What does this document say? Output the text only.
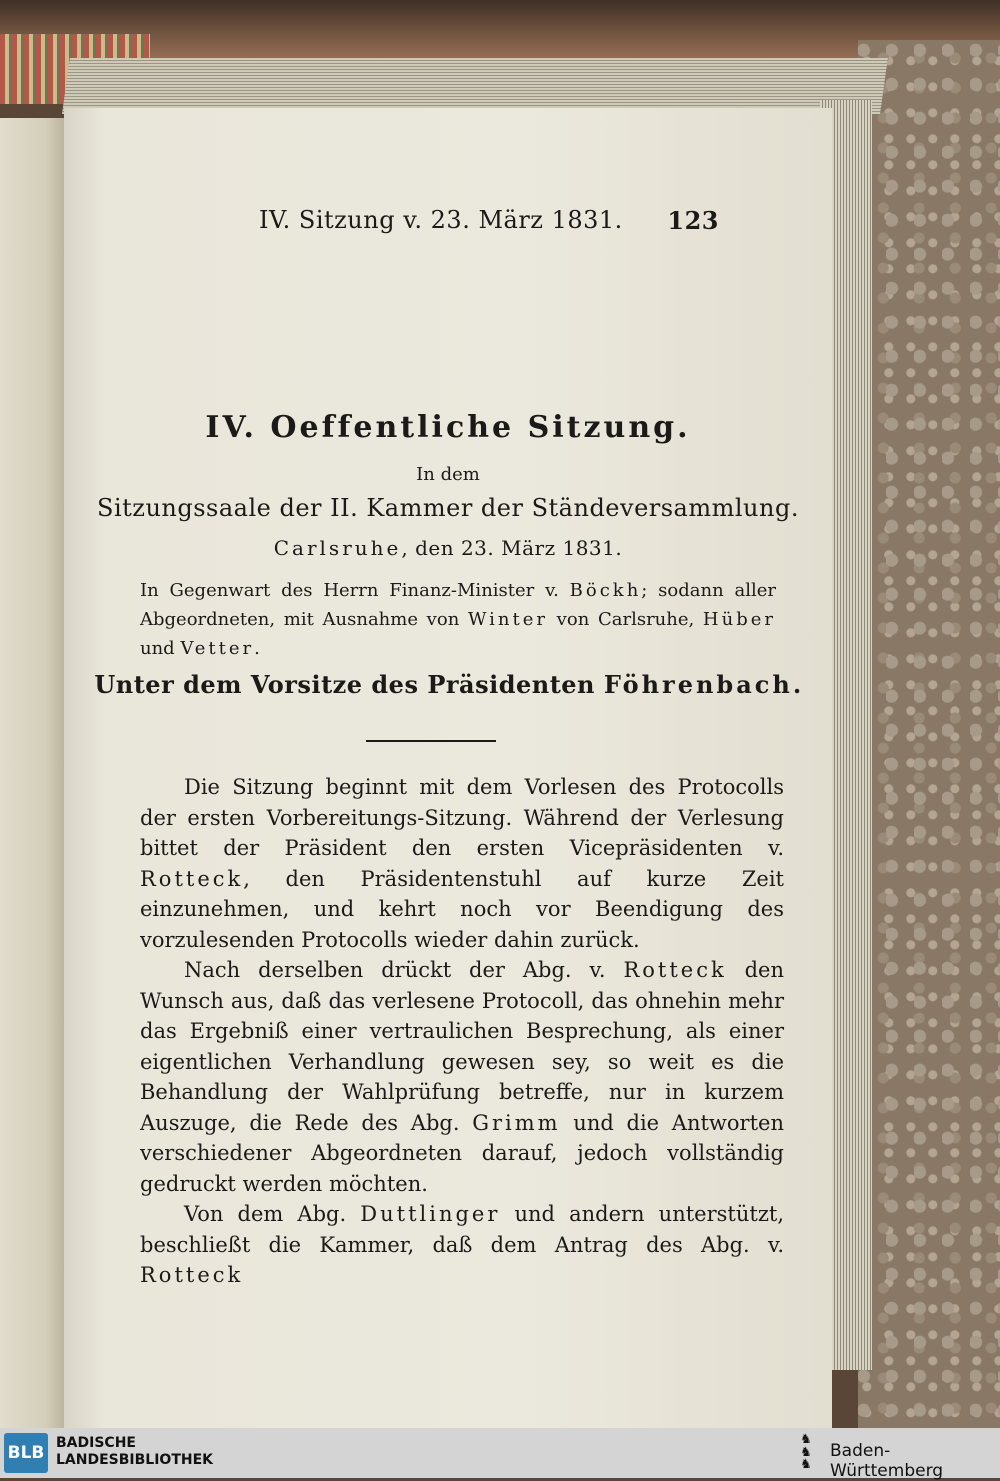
IV. Sitzung v. 23. März 1831. 123
IV. Oeffentliche Sitzung.
In dem
Sitzungssaale der II. Kammer der Ständeversammlung.
Carlsruhe, den 23. März 1831.
In Gegenwart des Herrn Finanz-Minister v. Böckh; sodann aller Abgeordneten, mit Ausnahme von Winter von Carlsruhe, Hüber und Vetter.
Unter dem Vorsitze des Präsidenten Föhrenbach.

Die Sitzung beginnt mit dem Vorlesen des Protocolls der ersten Vorbereitungs-Sitzung. Während der Verlesung bittet der Präsident den ersten Vicepräsidenten v. Rotteck, den Präsidentenstuhl auf kurze Zeit einzunehmen, und kehrt noch vor Beendigung des vorzulesenden Protocolls wieder dahin zurück.

Nach derselben drückt der Abg. v. Rotteck den Wunsch aus, daß das verlesene Protocoll, das ohnehin mehr das Ergebniß einer vertraulichen Besprechung, als einer eigentlichen Verhandlung gewesen sey, so weit es die Behandlung der Wahlprüfung betreffe, nur in kurzem Auszuge, die Rede des Abg. Grimm und die Antworten verschiedener Abgeordneten darauf, jedoch vollständig gedruckt werden möchten.

Von dem Abg. Duttlinger und andern unterstützt, beschließt die Kammer, daß dem Antrag des Abg. v. Rotteck

BLB BADISCHE
LANDESBIBLIOTHEK
♞
♞
♞
Baden-Württemberg
